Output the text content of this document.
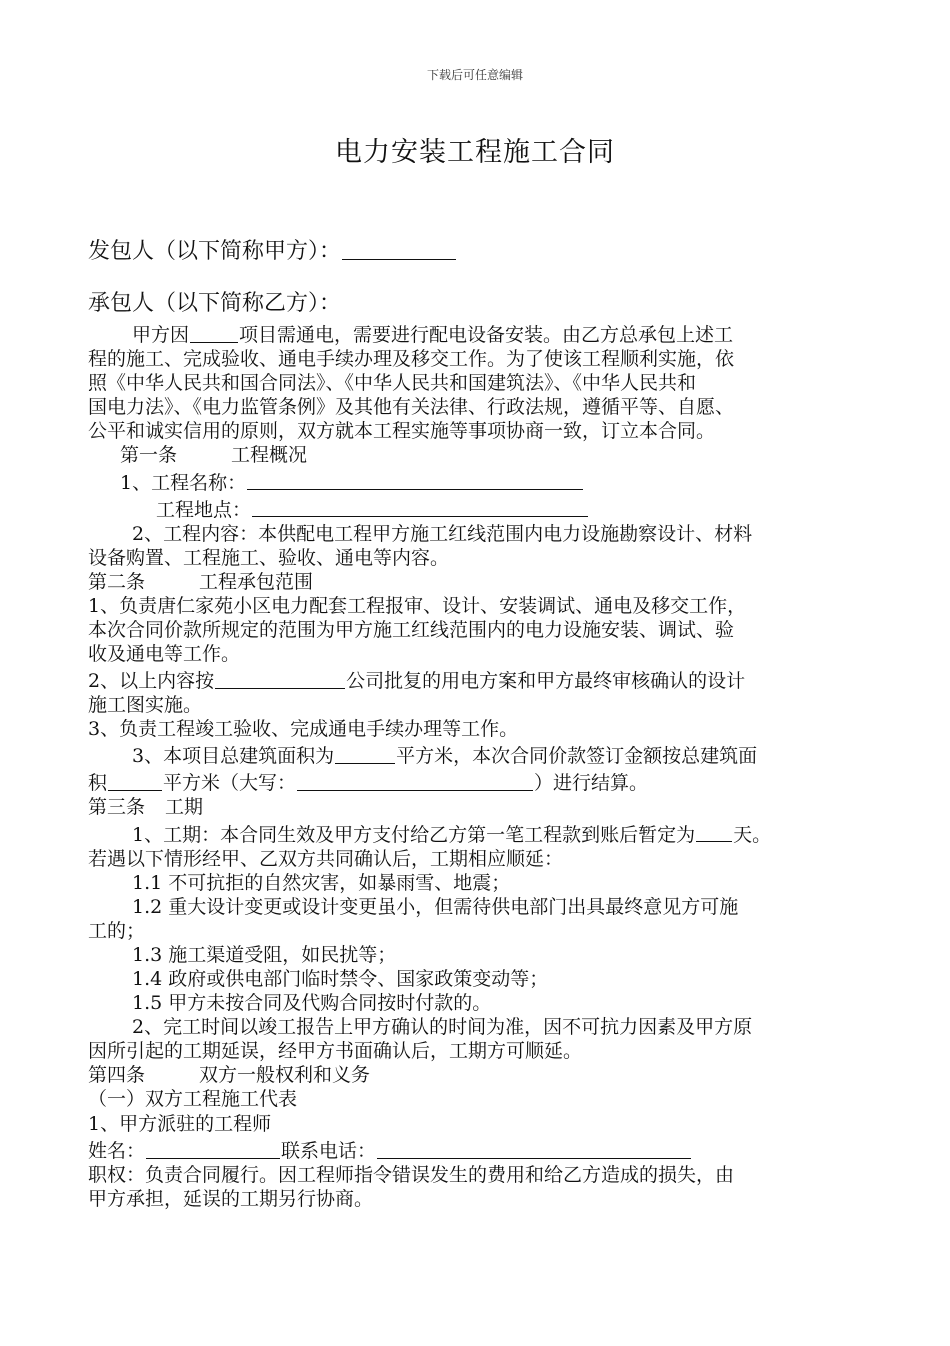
下载后可任意编辑
电力安装工程施工合同
发包人（以下简称甲方）：
承包人（以下简称乙方）：

甲方因	项目需通电，需要进行配电设备安装。由乙方总承包上述工

程的施工、完成验收、通电手续办理及移交工作。为了使该工程顺利实施，依

照《中华人民共和国合同法》、《中华人民共和国建筑法》、《中华人民共和

国电力法》、《电力监管条例》及其他有关法律、行政法规，遵循平等、自愿、

公平和诚实信用的原则，双方就本工程实施等事项协商一致，订立本合同。

第一条	工程概况

1、工程名称：

工程地点：

2、工程内容：本供配电工程甲方施工红线范围内电力设施勘察设计、材料

设备购置、工程施工、验收、通电等内容。

第二条	工程承包范围

1、负责唐仁家苑小区电力配套工程报审、设计、安装调试、通电及移交工作，

本次合同价款所规定的范围为甲方施工红线范围内的电力设施安装、调试、验

收及通电等工作。

2、以上内容按	公司批复的用电方案和甲方最终审核确认的设计

施工图实施。

3、负责工程竣工验收、完成通电手续办理等工作。

3、本项目总建筑面积为	平方米，本次合同价款签订金额按总建筑面

积	平方米（大写：	）进行结算。

第三条 工期

1、工期：本合同生效及甲方支付给乙方第一笔工程款到账后暂定为 天。

若遇以下情形经甲、乙双方共同确认后，工期相应顺延：

1.1 不可抗拒的自然灾害，如暴雨雪、地震；

1.2 重大设计变更或设计变更虽小，但需待供电部门出具最终意见方可施

工的；

1.3 施工渠道受阻，如民扰等；

1.4 政府或供电部门临时禁令、国家政策变动等；

1.5 甲方未按合同及代购合同按时付款的。

2、完工时间以竣工报告上甲方确认的时间为准，因不可抗力因素及甲方原

因所引起的工期延误，经甲方书面确认后，工期方可顺延。

第四条	双方一般权利和义务

（一）双方工程施工代表

1、甲方派驻的工程师

姓名：	联系电话：

职权：负责合同履行。因工程师指令错误发生的费用和给乙方造成的损失，由

甲方承担，延误的工期另行协商。
